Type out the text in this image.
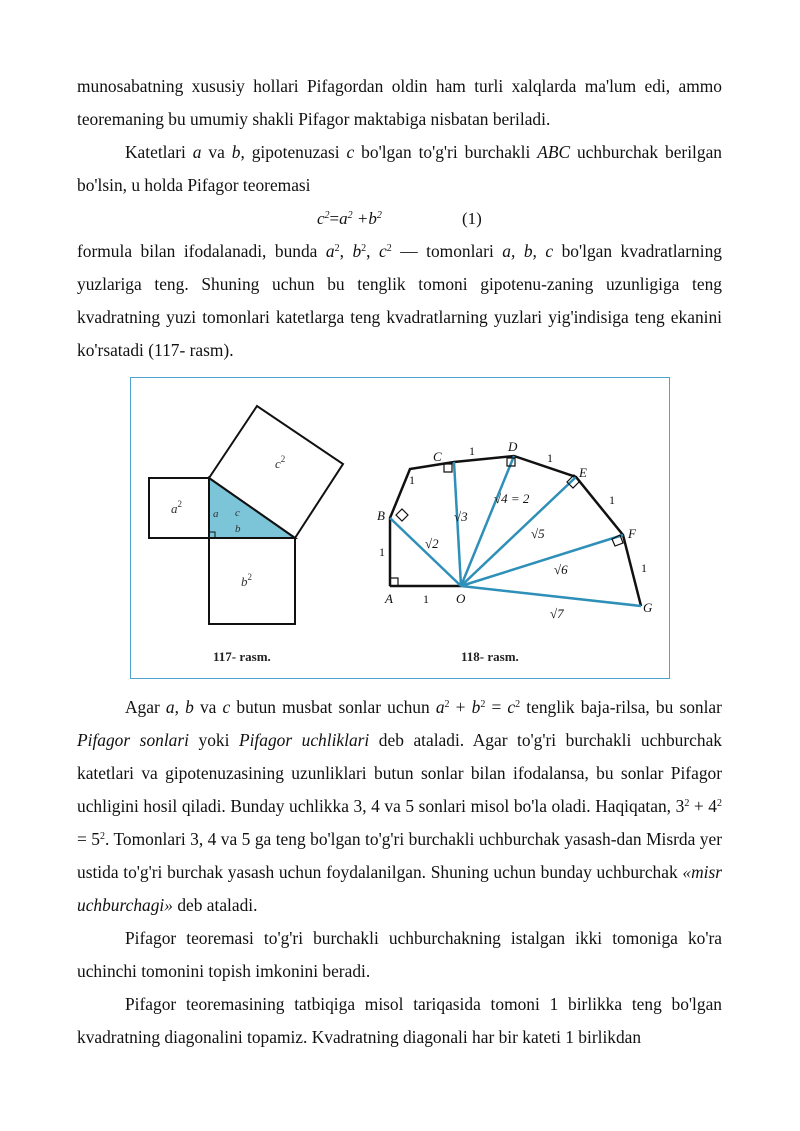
munosabatning xususiy hollari Pifagordan oldin ham turli xalqlarda ma'lum edi, ammo teoremaning bu umumiy shakli Pifagor maktabiga nisbatan beriladi.

Katetlari a va b, gipotenuzasi c bo'lgan to'g'ri burchakli ABC uchburchak berilgan bo'lsin, u holda Pifagor teoremasi

$c^2=a^2 +b^2$	(1)

formula bilan ifodalanadi, bunda $a^2$, $b^2$, $c^2$ — tomonlari a, b, c bo'lgan kvadratlarning yuzlariga teng. Shuning uchun bu tenglik tomoni gipotenu-zaning uzunligiga teng kvadratning yuzi tomonlari katetlarga teng kvadratlarning yuzlari yig'indisiga teng ekanini ko'rsatadi (117- rasm).

$a^2$
$b^2$
$c^2$
a c
b
117- rasm.
A	O
B
C
D
E
F
G
1
1
1
1	1
1
1
√2
√3
√4 = 2
√5
√6
√7
118- rasm.

Agar a, b va c butun musbat sonlar uchun $a^2 + b^2 = c^2$ tenglik baja-rilsa, bu sonlar Pifagor sonlari yoki Pifagor uchliklari deb ataladi. Agar to'g'ri burchakli uchburchak katetlari va gipotenuzasining uzunliklari butun sonlar bilan ifodalansa, bu sonlar Pifagor uchligini hosil qiladi. Bunday uchlikka 3, 4 va 5 sonlari misol bo'la oladi. Haqiqatan, $3^2 + 4^2 = 5^2$. Tomonlari 3, 4 va 5 ga teng bo'lgan to'g'ri burchakli uchburchak yasash-dan Misrda yer ustida to'g'ri burchak yasash uchun foydalanilgan. Shuning uchun bunday uchburchak «misr uchburchagi» deb ataladi.

Pifagor teoremasi to'g'ri burchakli uchburchakning istalgan ikki tomoniga ko'ra uchinchi tomonini topish imkonini beradi.

Pifagor teoremasining tatbiqiga misol tariqasida tomoni 1 birlikka teng bo'lgan kvadratning diagonalini topamiz. Kvadratning diagonali har bir kateti 1 birlikdan
